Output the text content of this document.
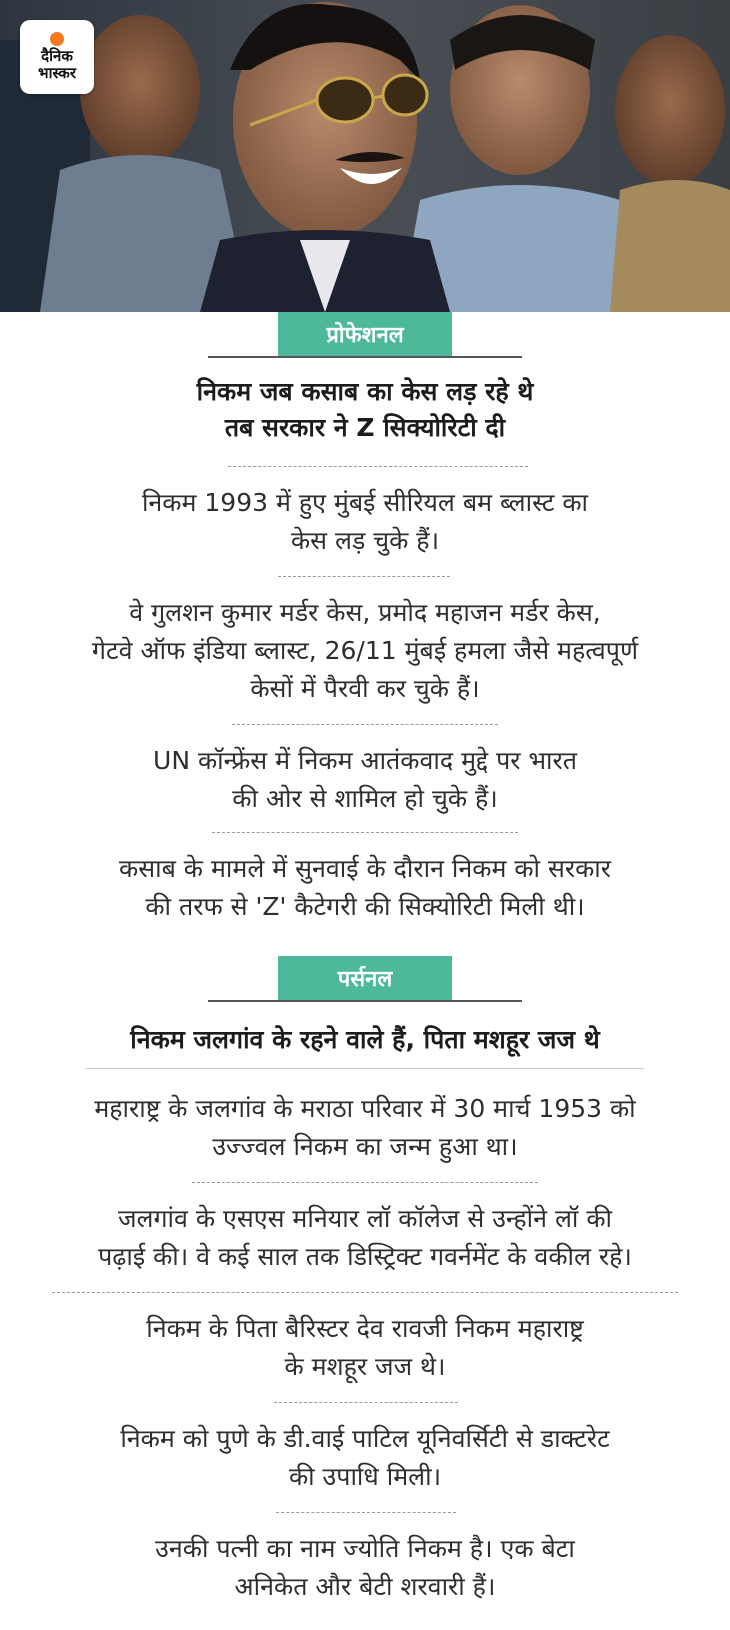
दैनिक
भास्कर
प्रोफेशनल
निकम जब कसाब का केस लड़ रहे थे
तब सरकार ने Z सिक्योरिटी दी
निकम 1993 में हुए मुंबई सीरियल बम ब्लास्ट का
केस लड़ चुके हैं।
वे गुलशन कुमार मर्डर केस, प्रमोद महाजन मर्डर केस,
गेटवे ऑफ इंडिया ब्लास्ट, 26/11 मुंबई हमला जैसे महत्वपूर्ण
केसों में पैरवी कर चुके हैं।
UN कॉन्फ्रेंस में निकम आतंकवाद मुद्दे पर भारत
की ओर से शामिल हो चुके हैं।
कसाब के मामले में सुनवाई के दौरान निकम को सरकार
की तरफ से 'Z' कैटेगरी की सिक्योरिटी मिली थी।
पर्सनल
निकम जलगांव के रहने वाले हैं, पिता मशहूर जज थे
महाराष्ट्र के जलगांव के मराठा परिवार में 30 मार्च 1953 को
उज्ज्वल निकम का जन्म हुआ था।
जलगांव के एसएस मनियार लॉ कॉलेज से उन्होंने लॉ की
पढ़ाई की। वे कई साल तक डिस्ट्रिक्ट गवर्नमेंट के वकील रहे।
निकम के पिता बैरिस्टर देव रावजी निकम महाराष्ट्र
के मशहूर जज थे।
निकम को पुणे के डी.वाई पाटिल यूनिवर्सिटी से डाक्टरेट
की उपाधि मिली।
उनकी पत्नी का नाम ज्योति निकम है। एक बेटा
अनिकेत और बेटी शरवारी हैं।
